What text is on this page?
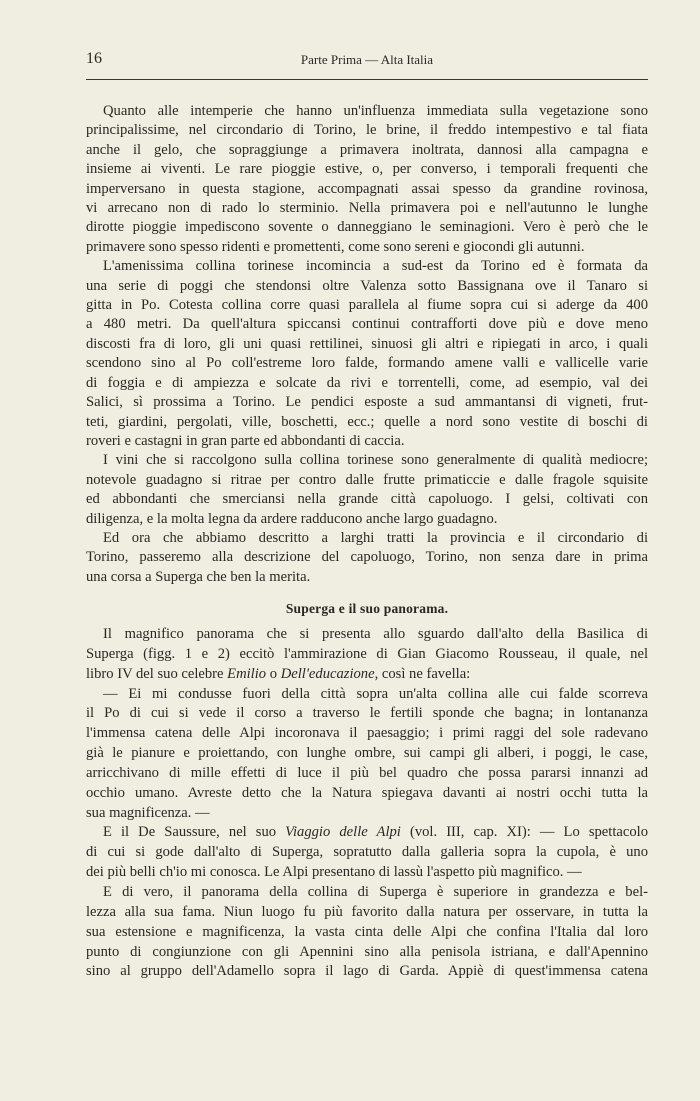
16	Parte Prima — Alta Italia
Quanto alle intemperie che hanno un'influenza immediata sulla vegetazione sono
principalissime, nel circondario di Torino, le brine, il freddo intempestivo e tal fiata
anche il gelo, che sopraggiunge a primavera inoltrata, dannosi alla campagna e
insieme ai viventi. Le rare pioggie estive, o, per converso, i temporali frequenti che
imperversano in questa stagione, accompagnati assai spesso da grandine rovinosa,
vi arrecano non di rado lo sterminio. Nella primavera poi e nell'autunno le lunghe
dirotte pioggie impediscono sovente o danneggiano le seminagioni. Vero è però che le
primavere sono spesso ridenti e promettenti, come sono sereni e giocondi gli autunni.
L'amenissima collina torinese incomincia a sud-est da Torino ed è formata da
una serie di poggi che stendonsi oltre Valenza sotto Bassignana ove il Tanaro si
gitta in Po. Cotesta collina corre quasi parallela al fiume sopra cui si aderge da 400
a 480 metri. Da quell'altura spiccansi continui contrafforti dove più e dove meno
discosti fra di loro, gli uni quasi rettilinei, sinuosi gli altri e ripiegati in arco, i quali
scendono sino al Po coll'estreme loro falde, formando amene valli e vallicelle varie
di foggia e di ampiezza e solcate da rivi e torrentelli, come, ad esempio, val dei
Salici, sì prossima a Torino. Le pendici esposte a sud ammantansi di vigneti, frut-
teti, giardini, pergolati, ville, boschetti, ecc.; quelle a nord sono vestite di boschi di
roveri e castagni in gran parte ed abbondanti di caccia.
I vini che si raccolgono sulla collina torinese sono generalmente di qualità mediocre;
notevole guadagno si ritrae per contro dalle frutte primaticcie e dalle fragole squisite
ed abbondanti che smerciansi nella grande città capoluogo. I gelsi, coltivati con
diligenza, e la molta legna da ardere radducono anche largo guadagno.
Ed ora che abbiamo descritto a larghi tratti la provincia e il circondario di
Torino, passeremo alla descrizione del capoluogo, Torino, non senza dare in prima
una corsa a Superga che ben la merita.
Superga e il suo panorama.
Il magnifico panorama che si presenta allo sguardo dall'alto della Basilica di
Superga (figg. 1 e 2) eccitò l'ammirazione di Gian Giacomo Rousseau, il quale, nel
libro IV del suo celebre Emilio o Dell'educazione, così ne favella:
— Ei mi condusse fuori della città sopra un'alta collina alle cui falde scorreva
il Po di cui si vede il corso a traverso le fertili sponde che bagna; in lontananza
l'immensa catena delle Alpi incoronava il paesaggio; i primi raggi del sole radevano
già le pianure e proiettando, con lunghe ombre, sui campi gli alberi, i poggi, le case,
arricchivano di mille effetti di luce il più bel quadro che possa pararsi innanzi ad
occhio umano. Avreste detto che la Natura spiegava davanti ai nostri occhi tutta la
sua magnificenza. —
E il De Saussure, nel suo Viaggio delle Alpi (vol. III, cap. XI): — Lo spettacolo
di cui si gode dall'alto di Superga, sopratutto dalla galleria sopra la cupola, è uno
dei più belli ch'io mi conosca. Le Alpi presentano di lassù l'aspetto più magnifico. —
E di vero, il panorama della collina di Superga è superiore in grandezza e bel-
lezza alla sua fama. Niun luogo fu più favorito dalla natura per osservare, in tutta la
sua estensione e magnificenza, la vasta cinta delle Alpi che confina l'Italia dal loro
punto di congiunzione con gli Apennini sino alla penisola istriana, e dall'Apennino
sino al gruppo dell'Adamello sopra il lago di Garda. Appiè di quest'immensa catena
